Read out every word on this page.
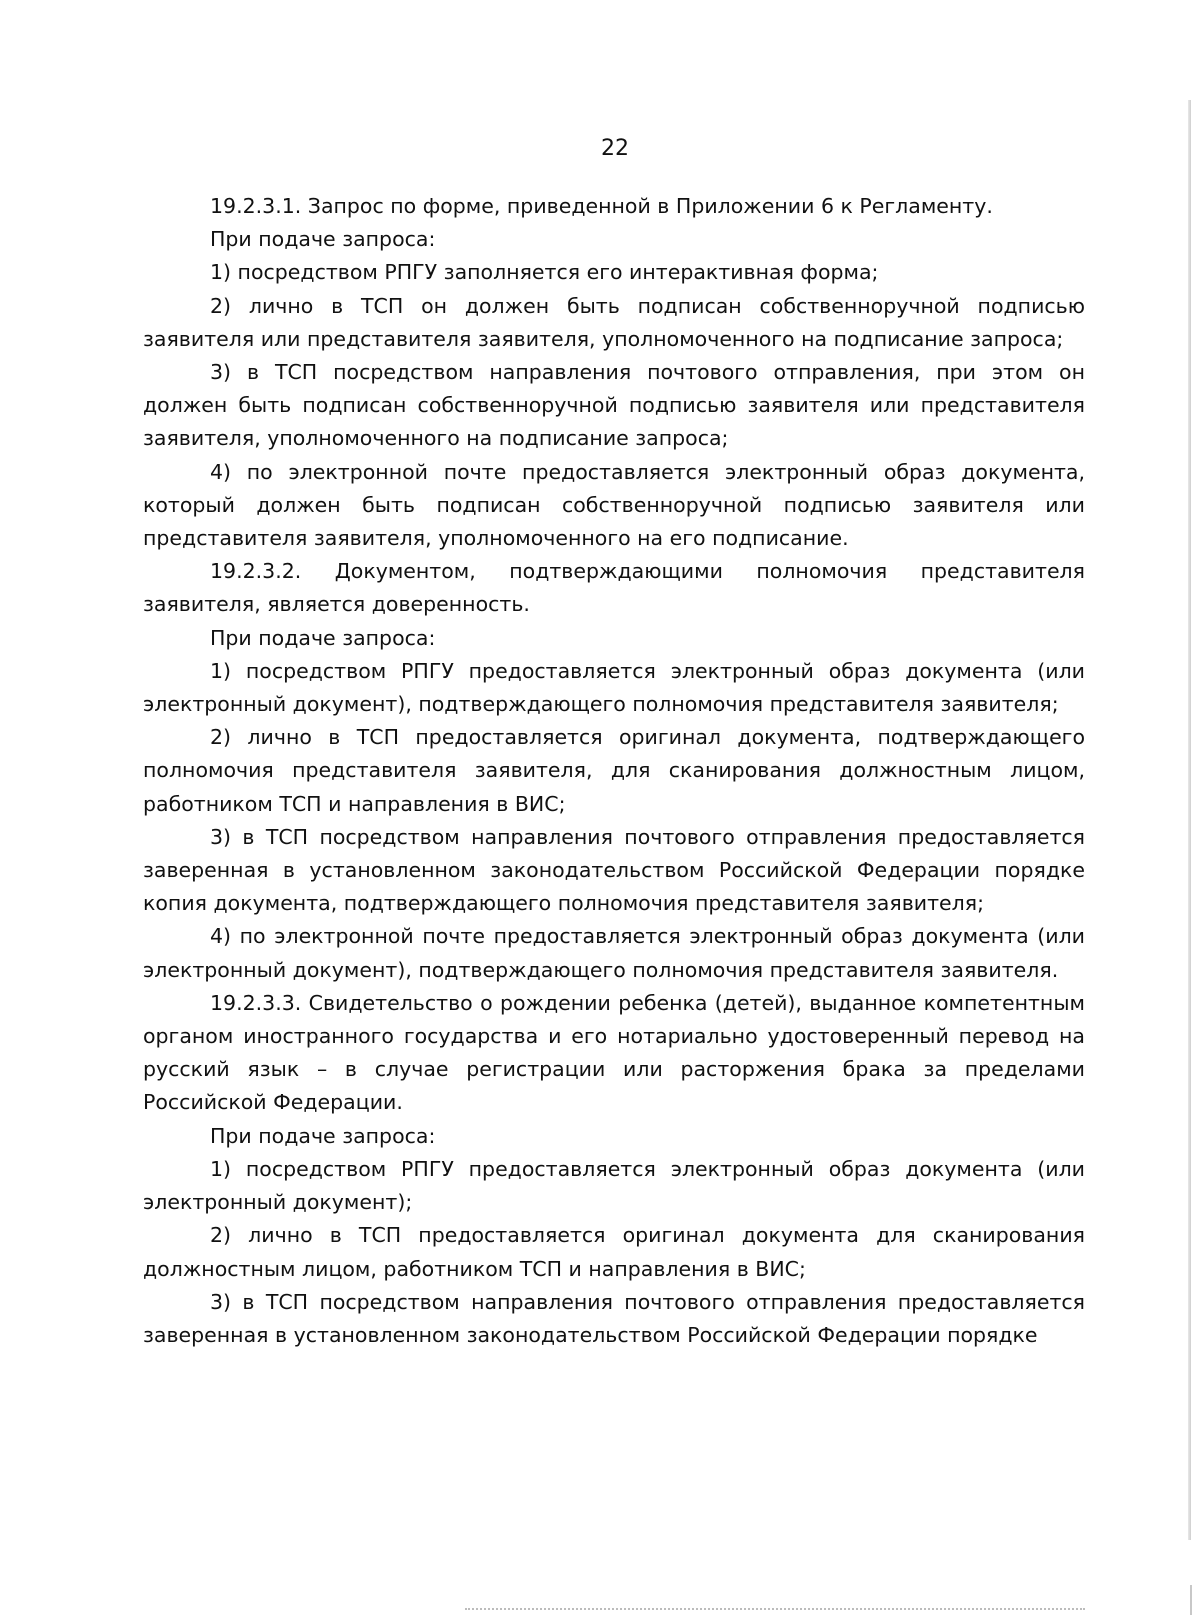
22

19.2.3.1. Запрос по форме, приведенной в Приложении 6 к Регламенту.

При подаче запроса:

1) посредством РПГУ заполняется его интерактивная форма;

2) лично в ТСП он должен быть подписан собственноручной подписью заявителя или представителя заявителя, уполномоченного на подписание запроса;

3) в ТСП посредством направления почтового отправления, при этом он должен быть подписан собственноручной подписью заявителя или представителя заявителя, уполномоченного на подписание запроса;

4) по электронной почте предоставляется электронный образ документа, который должен быть подписан собственноручной подписью заявителя или представителя заявителя, уполномоченного на его подписание.

19.2.3.2. Документом, подтверждающими полномочия представителя заявителя, является доверенность.

При подаче запроса:

1) посредством РПГУ предоставляется электронный образ документа (или электронный документ), подтверждающего полномочия представителя заявителя;

2) лично в ТСП предоставляется оригинал документа, подтверждающего полномочия представителя заявителя, для сканирования должностным лицом, работником ТСП и направления в ВИС;

3) в ТСП посредством направления почтового отправления предоставляется заверенная в установленном законодательством Российской Федерации порядке копия документа, подтверждающего полномочия представителя заявителя;

4) по электронной почте предоставляется электронный образ документа (или электронный документ), подтверждающего полномочия представителя заявителя.

19.2.3.3. Свидетельство о рождении ребенка (детей), выданное компетентным органом иностранного государства и его нотариально удостоверенный перевод на русский язык – в случае регистрации или расторжения брака за пределами Российской Федерации.

При подаче запроса:

1) посредством РПГУ предоставляется электронный образ документа (или электронный документ);

2) лично в ТСП предоставляется оригинал документа для сканирования должностным лицом, работником ТСП и направления в ВИС;

3) в ТСП посредством направления почтового отправления предоставляется заверенная в установленном законодательством Российской Федерации порядке
